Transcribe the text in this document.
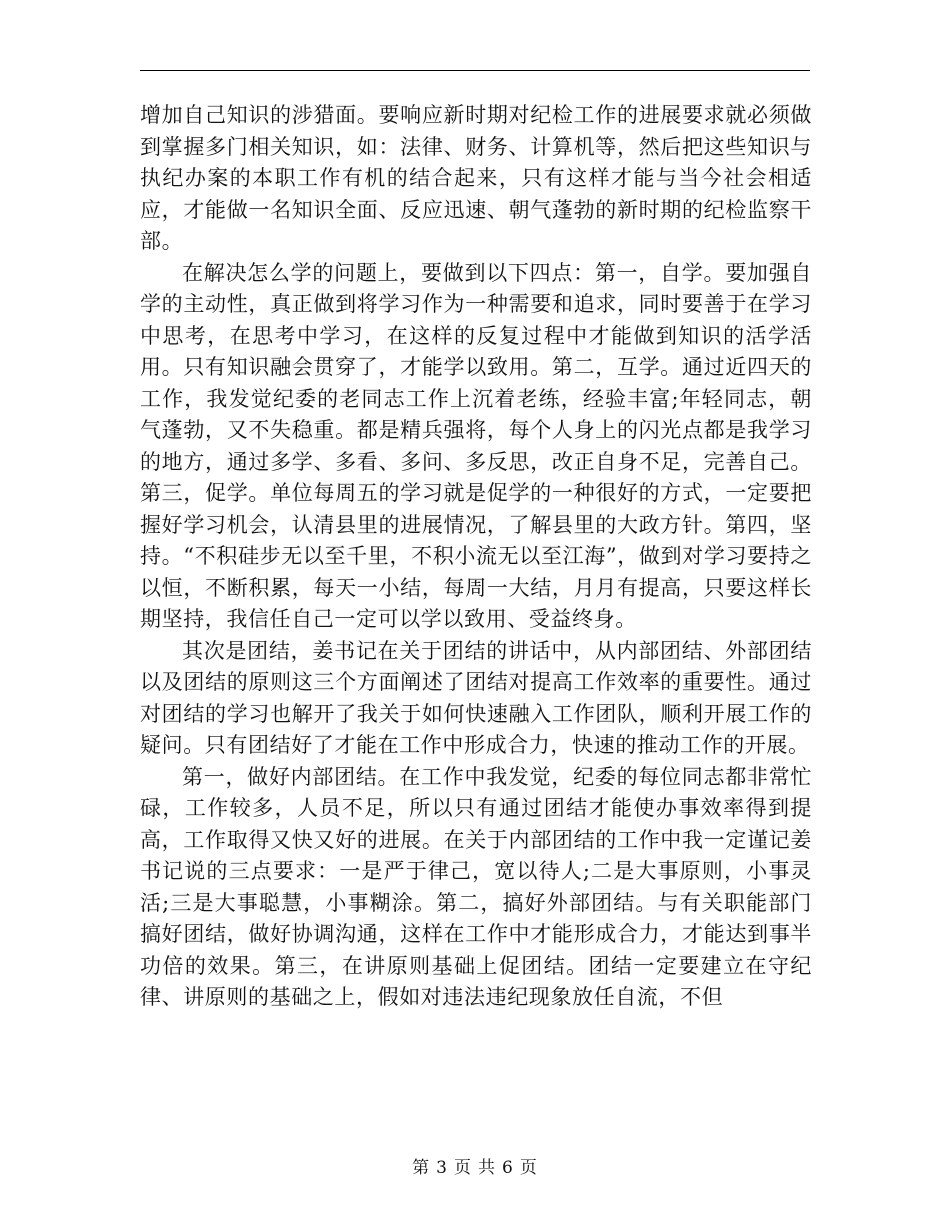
增加自己知识的涉猎面。要响应新时期对纪检工作的进展要求就必须做到掌握多门相关知识，如：法律、财务、计算机等，然后把这些知识与执纪办案的本职工作有机的结合起来，只有这样才能与当今社会相适应，才能做一名知识全面、反应迅速、朝气蓬勃的新时期的纪检监察干部。

在解决怎么学的问题上，要做到以下四点：第一，自学。要加强自学的主动性，真正做到将学习作为一种需要和追求，同时要善于在学习中思考，在思考中学习，在这样的反复过程中才能做到知识的活学活用。只有知识融会贯穿了，才能学以致用。第二，互学。通过近四天的工作，我发觉纪委的老同志工作上沉着老练，经验丰富;年轻同志，朝气蓬勃，又不失稳重。都是精兵强将，每个人身上的闪光点都是我学习的地方，通过多学、多看、多问、多反思，改正自身不足，完善自己。第三，促学。单位每周五的学习就是促学的一种很好的方式，一定要把握好学习机会，认清县里的进展情况，了解县里的大政方针。第四，坚持。“不积硅步无以至千里，不积小流无以至江海”，做到对学习要持之以恒，不断积累，每天一小结，每周一大结，月月有提高，只要这样长期坚持，我信任自己一定可以学以致用、受益终身。

其次是团结，姜书记在关于团结的讲话中，从内部团结、外部团结以及团结的原则这三个方面阐述了团结对提高工作效率的重要性。通过对团结的学习也解开了我关于如何快速融入工作团队，顺利开展工作的疑问。只有团结好了才能在工作中形成合力，快速的推动工作的开展。

第一，做好内部团结。在工作中我发觉，纪委的每位同志都非常忙碌，工作较多，人员不足，所以只有通过团结才能使办事效率得到提高，工作取得又快又好的进展。在关于内部团结的工作中我一定谨记姜书记说的三点要求：一是严于律己，宽以待人;二是大事原则，小事灵活;三是大事聪慧，小事糊涂。第二，搞好外部团结。与有关职能部门搞好团结，做好协调沟通，这样在工作中才能形成合力，才能达到事半功倍的效果。第三，在讲原则基础上促团结。团结一定要建立在守纪律、讲原则的基础之上，假如对违法违纪现象放任自流，不但

第 3 页 共 6 页
